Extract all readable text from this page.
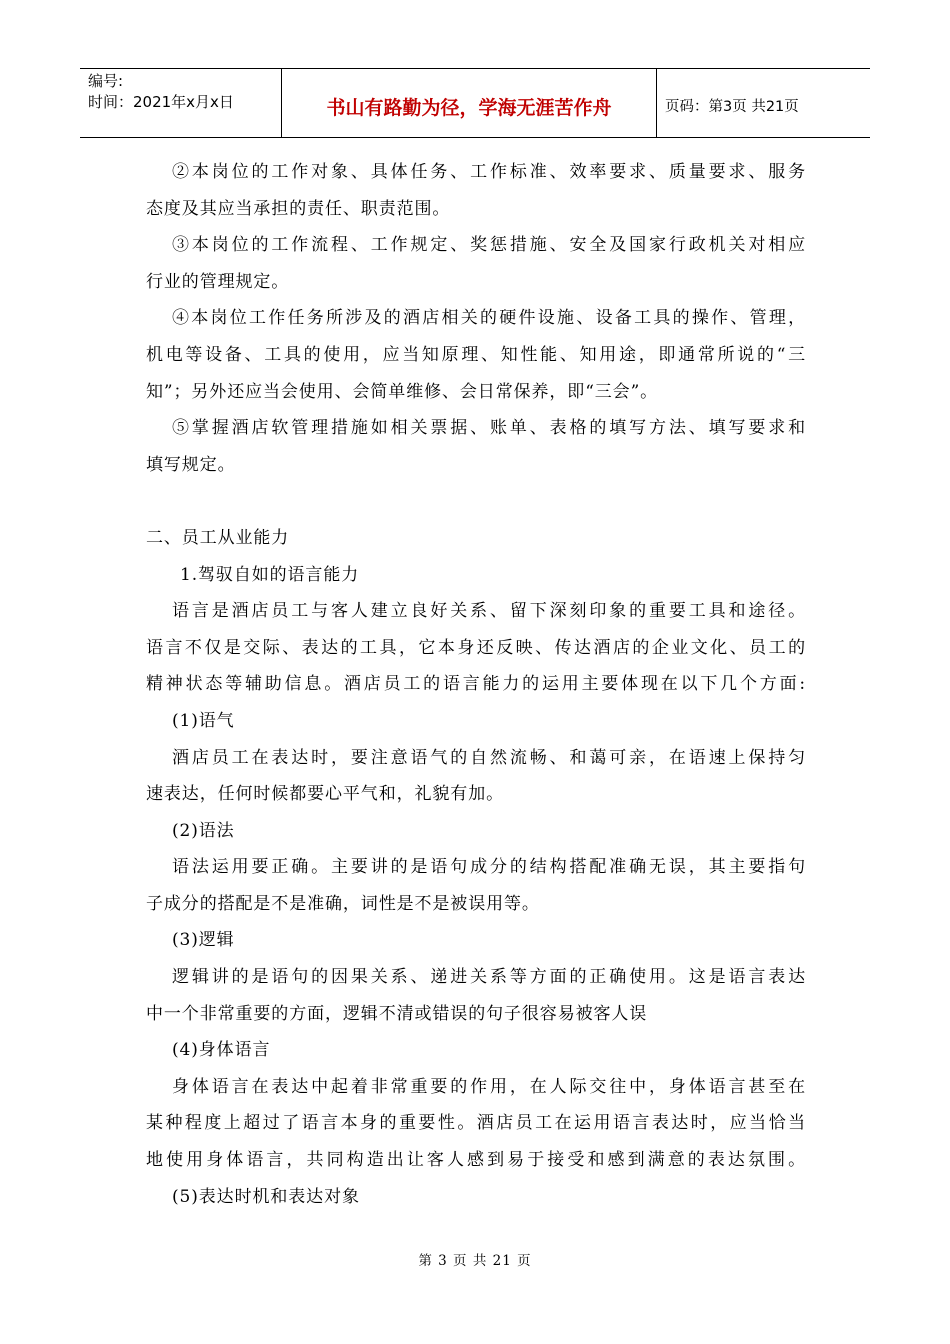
编号:
时间：2021年x月x日	书山有路勤为径，学海无涯苦作舟	页码：第3页 共21页
②本岗位的工作对象、具体任务、工作标准、效率要求、质量要求、服务
态度及其应当承担的责任、职责范围。
③本岗位的工作流程、工作规定、奖惩措施、安全及国家行政机关对相应
行业的管理规定。
④本岗位工作任务所涉及的酒店相关的硬件设施、设备工具的操作、管理，
机电等设备、工具的使用，应当知原理、知性能、知用途，即通常所说的“三
知”；另外还应当会使用、会简单维修、会日常保养，即“三会”。
⑤掌握酒店软管理措施如相关票据、账单、表格的填写方法、填写要求和
填写规定。
二、员工从业能力
1.驾驭自如的语言能力
语言是酒店员工与客人建立良好关系、留下深刻印象的重要工具和途径。
语言不仅是交际、表达的工具，它本身还反映、传达酒店的企业文化、员工的
精神状态等辅助信息。酒店员工的语言能力的运用主要体现在以下几个方面:
(1)语气
酒店员工在表达时，要注意语气的自然流畅、和蔼可亲，在语速上保持匀
速表达，任何时候都要心平气和，礼貌有加。
(2)语法
语法运用要正确。主要讲的是语句成分的结构搭配准确无误，其主要指句
子成分的搭配是不是准确，词性是不是被误用等。
(3)逻辑
逻辑讲的是语句的因果关系、递进关系等方面的正确使用。这是语言表达
中一个非常重要的方面，逻辑不清或错误的句子很容易被客人误
(4)身体语言
身体语言在表达中起着非常重要的作用，在人际交往中，身体语言甚至在
某种程度上超过了语言本身的重要性。酒店员工在运用语言表达时，应当恰当
地使用身体语言，共同构造出让客人感到易于接受和感到满意的表达氛围。
(5)表达时机和表达对象
第 3 页 共 21 页
